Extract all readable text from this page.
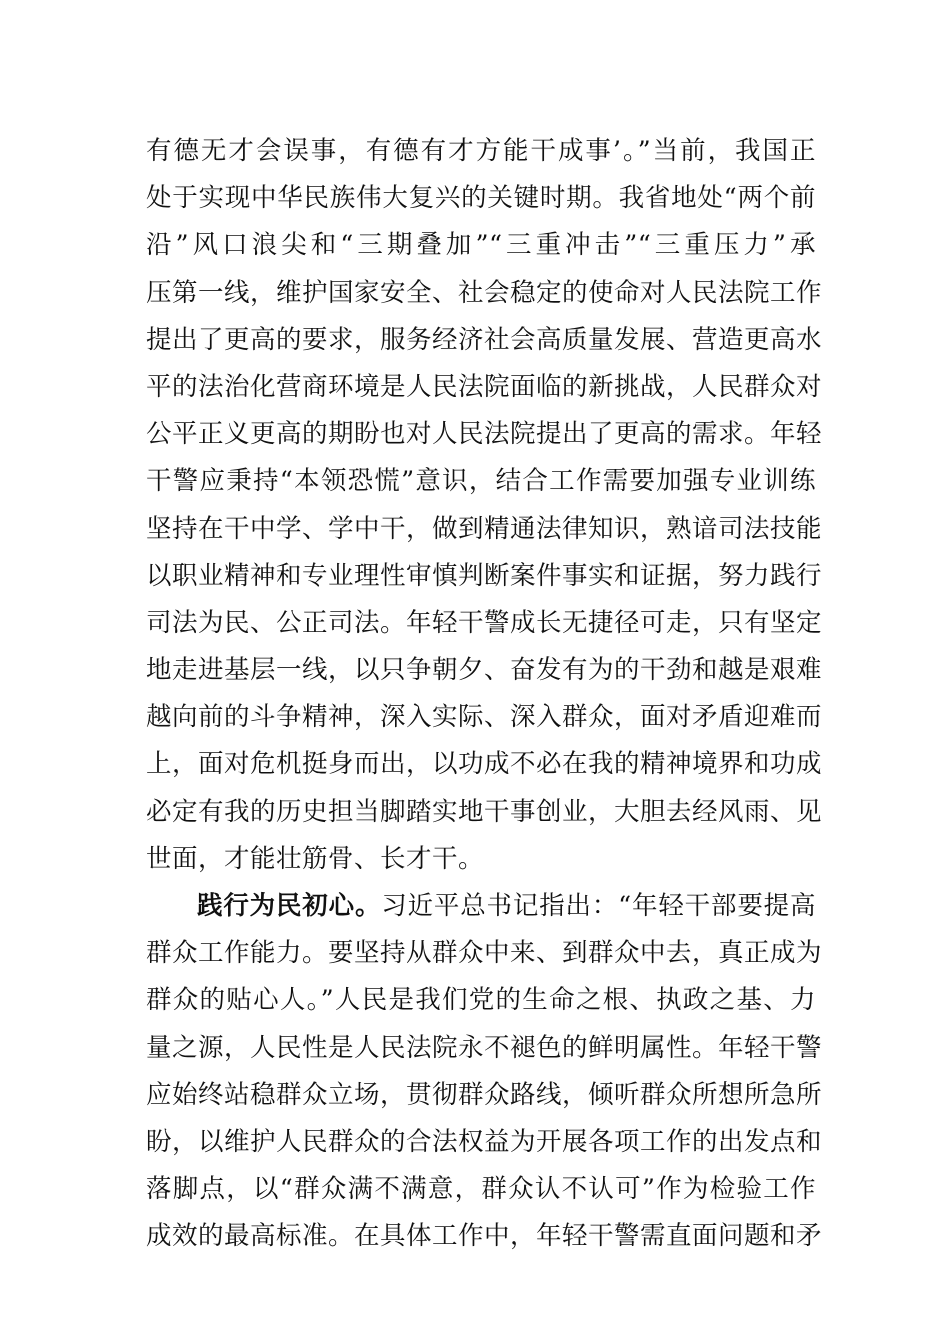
有德无才会误事，有德有才方能干成事’。”当前，我国正
处于实现中华民族伟大复兴的关键时期。我省地处“两个前
沿”风口浪尖和“三期叠加”“三重冲击”“三重压力”承
压第一线，维护国家安全、社会稳定的使命对人民法院工作
提出了更高的要求，服务经济社会高质量发展、营造更高水
平的法治化营商环境是人民法院面临的新挑战，人民群众对
公平正义更高的期盼也对人民法院提出了更高的需求。年轻
干警应秉持“本领恐慌”意识，结合工作需要加强专业训练
坚持在干中学、学中干，做到精通法律知识，熟谙司法技能
以职业精神和专业理性审慎判断案件事实和证据，努力践行
司法为民、公正司法。年轻干警成长无捷径可走，只有坚定
地走进基层一线，以只争朝夕、奋发有为的干劲和越是艰难
越向前的斗争精神，深入实际、深入群众，面对矛盾迎难而
上，面对危机挺身而出，以功成不必在我的精神境界和功成
必定有我的历史担当脚踏实地干事创业，大胆去经风雨、见
世面，才能壮筋骨、长才干。
践行为民初心。习近平总书记指出：“年轻干部要提高
群众工作能力。要坚持从群众中来、到群众中去，真正成为
群众的贴心人。”人民是我们党的生命之根、执政之基、力
量之源，人民性是人民法院永不褪色的鲜明属性。年轻干警
应始终站稳群众立场，贯彻群众路线，倾听群众所想所急所
盼，以维护人民群众的合法权益为开展各项工作的出发点和
落脚点，以“群众满不满意，群众认不认可”作为检验工作
成效的最高标准。在具体工作中，年轻干警需直面问题和矛
